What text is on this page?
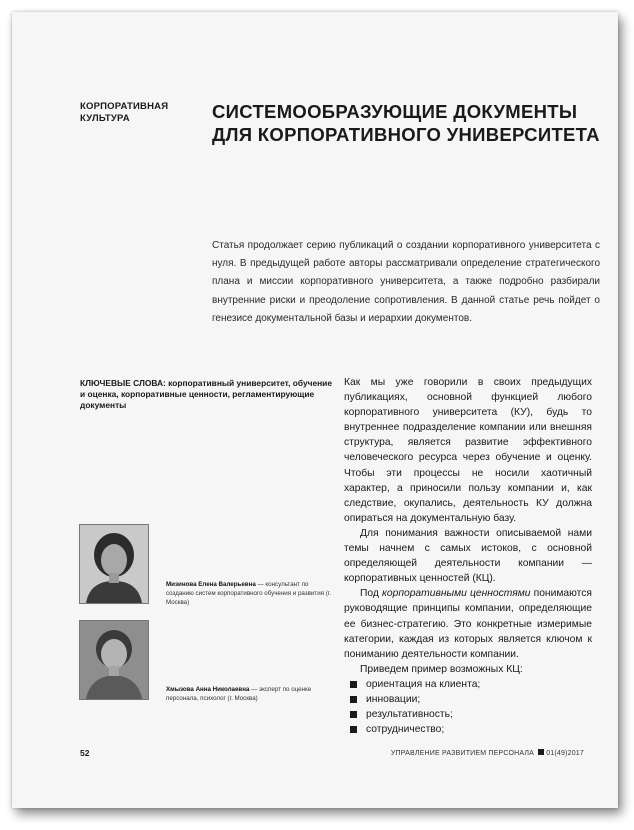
КОРПОРАТИВНАЯ
КУЛЬТУРА	СИСТЕМООБРАЗУЮЩИЕ ДОКУМЕНТЫ
ДЛЯ КОРПОРАТИВНОГО УНИВЕРСИТЕТА
Статья продолжает серию публикаций о создании корпоративного университета с нуля. В предыдущей работе авторы рассматривали определение стратегического плана и миссии корпоративного университета, а также подробно разбирали внутренние риски и преодоление сопротивления. В данной статье речь пойдет о генезисе документальной базы и иерархии документов.
КЛЮЧЕВЫЕ СЛОВА: корпоративный университет, обучение и оценка, корпоративные ценности, регламентирующие документы
Мизинова Елена Валерьевна — консультант по созданию систем корпоративного обучения и развития (г. Москва)
Хмызова Анна Николаевна — эксперт по оценке персонала, психолог (г. Москва)

Как мы уже говорили в своих предыдущих публикациях, основной функцией любого корпоративного университета (КУ), будь то внутреннее подразделение компании или внешняя структура, является развитие эффективного человеческого ресурса через обучение и оценку. Чтобы эти процессы не носили хаотичный характер, а приносили пользу компании и, как следствие, окупались, деятельность КУ должна опираться на документальную базу.

Для понимания важности описываемой нами темы начнем с самых истоков, с основной определяющей деятельности компании — корпоративных ценностей (КЦ).

Под корпоративными ценностями понимаются руководящие принципы компании, определяющие ее бизнес-стратегию. Это конкретные измеримые категории, каждая из которых является ключом к пониманию деятельности компании.

Приведем пример возможных КЦ:

ориентация на клиента;
инновации;
результативность;
сотрудничество;
52	УПРАВЛЕНИЕ РАЗВИТИЕМ ПЕРСОНАЛА 01(49)2017
